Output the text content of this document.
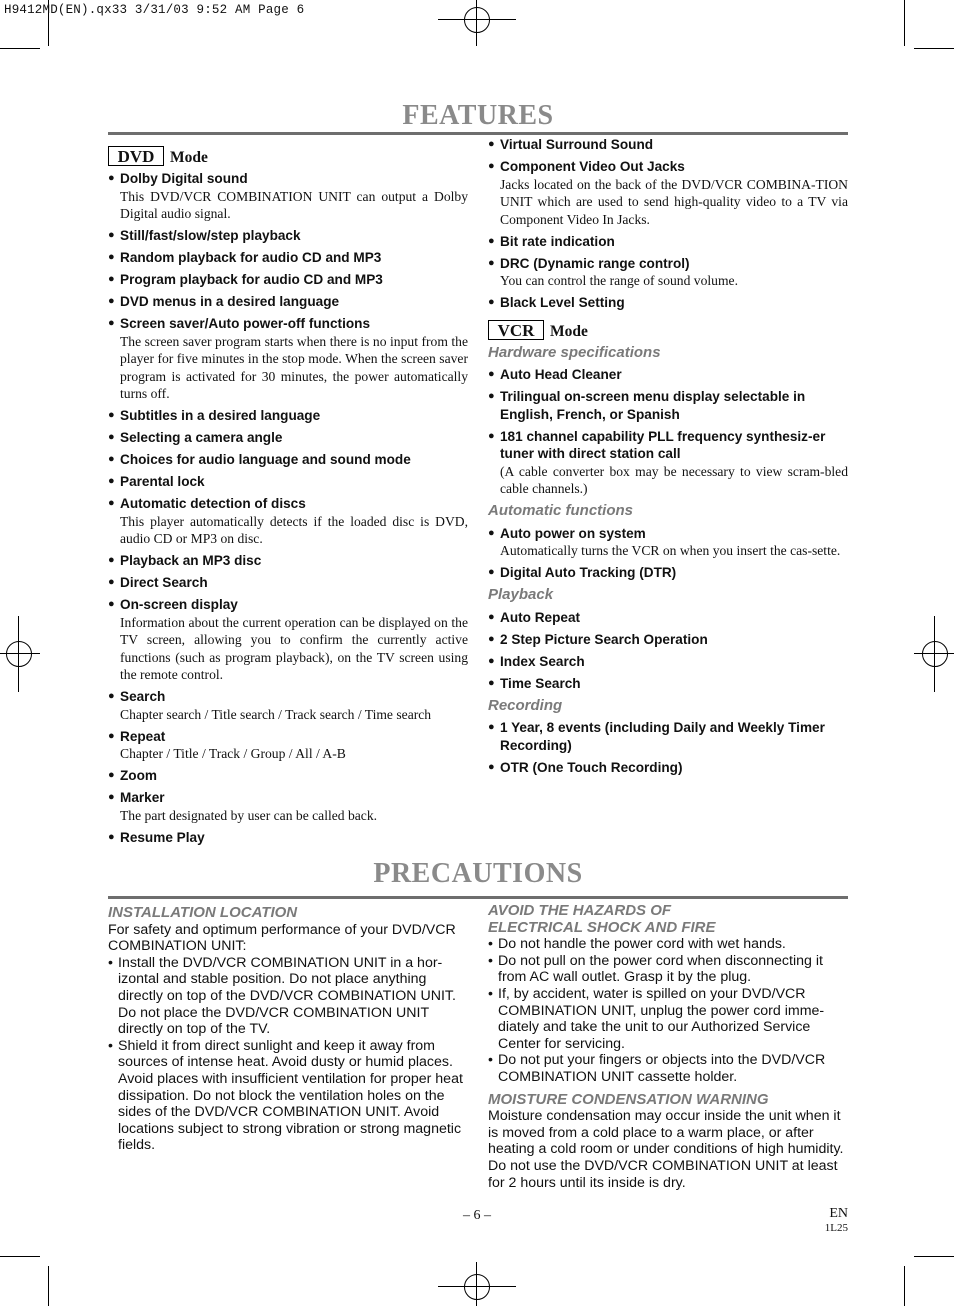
H9412MD(EN).qx33 3/31/03 9:52 AM Page 6
FEATURES
DVD	Mode
● Dolby Digital sound
This DVD/VCR COMBINATION UNIT can output a Dolby Digital audio signal.
● Still/fast/slow/step playback
● Random playback for audio CD and MP3
● Program playback for audio CD and MP3
● DVD menus in a desired language
● Screen saver/Auto power-off functions
The screen saver program starts when there is no input from the player for five minutes in the stop mode. When the screen saver program is activated for 30 minutes, the power automatically turns off.
● Subtitles in a desired language
● Selecting a camera angle
● Choices for audio language and sound mode
● Parental lock
● Automatic detection of discs
This player automatically detects if the loaded disc is DVD, audio CD or MP3 on disc.
● Playback an MP3 disc
● Direct Search
● On-screen display
Information about the current operation can be displayed on the TV screen, allowing you to confirm the currently active functions (such as program playback), on the TV screen using the remote control.
● Search
Chapter search / Title search / Track search / Time search
● Repeat
Chapter / Title / Track / Group / All / A-B
● Zoom
● Marker
The part designated by user can be called back.
● Resume Play
● Virtual Surround Sound
● Component Video Out Jacks
Jacks located on the back of the DVD/VCR COMBINA-TION UNIT which are used to send high-quality video to a TV via Component Video In Jacks.
● Bit rate indication
● DRC (Dynamic range control)
You can control the range of sound volume.
● Black Level Setting
VCR	Mode
Hardware specifications
● Auto Head Cleaner
● Trilingual on-screen menu display selectable in English, French, or Spanish
● 181 channel capability PLL frequency synthesiz-er tuner with direct station call
(A cable converter box may be necessary to view scram-bled cable channels.)
Automatic functions
● Auto power on system
Automatically turns the VCR on when you insert the cas-sette.
● Digital Auto Tracking (DTR)
Playback
● Auto Repeat
● 2 Step Picture Search Operation
● Index Search
● Time Search
Recording
● 1 Year, 8 events (including Daily and Weekly Timer Recording)
● OTR (One Touch Recording)
PRECAUTIONS
INSTALLATION LOCATION
For safety and optimum performance of your DVD/VCR COMBINATION UNIT:
• Install the DVD/VCR COMBINATION UNIT in a hor-izontal and stable position. Do not place anything directly on top of the DVD/VCR COMBINATION UNIT. Do not place the DVD/VCR COMBINATION UNIT directly on top of the TV.
• Shield it from direct sunlight and keep it away from sources of intense heat. Avoid dusty or humid places. Avoid places with insufficient ventilation for proper heat dissipation. Do not block the ventilation holes on the sides of the DVD/VCR COMBINATION UNIT. Avoid locations subject to strong vibration or strong magnetic fields.
AVOID THE HAZARDS OF
ELECTRICAL SHOCK AND FIRE
• Do not handle the power cord with wet hands.
• Do not pull on the power cord when disconnecting it from AC wall outlet. Grasp it by the plug.
• If, by accident, water is spilled on your DVD/VCR COMBINATION UNIT, unplug the power cord imme-diately and take the unit to our Authorized Service Center for servicing.
• Do not put your fingers or objects into the DVD/VCR COMBINATION UNIT cassette holder.
MOISTURE CONDENSATION WARNING
Moisture condensation may occur inside the unit when it is moved from a cold place to a warm place, or after heating a cold room or under conditions of high humidity. Do not use the DVD/VCR COMBINATION UNIT at least for 2 hours until its inside is dry.
– 6 –	EN
1L25
